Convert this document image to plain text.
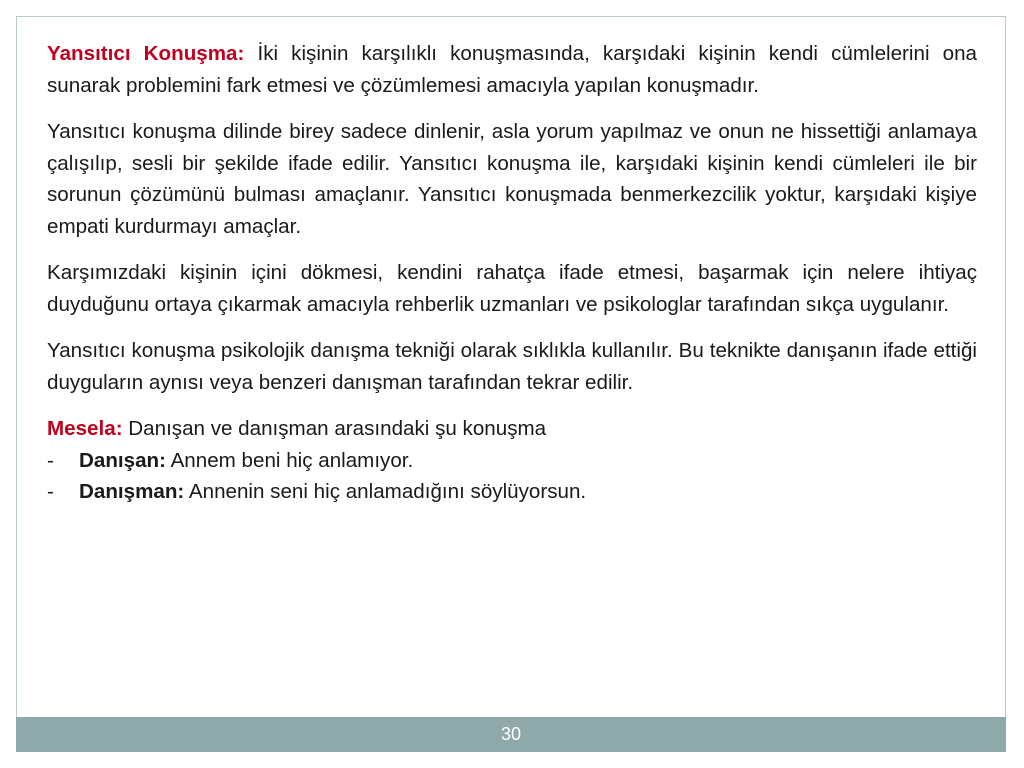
Yansıtıcı Konuşma: İki kişinin karşılıklı konuşmasında, karşıdaki kişinin kendi cümlelerini ona sunarak problemini fark etmesi ve çözümlemesi amacıyla yapılan konuşmadır.

Yansıtıcı konuşma dilinde birey sadece dinlenir, asla yorum yapılmaz ve onun ne hissettiği anlamaya çalışılıp, sesli bir şekilde ifade edilir. Yansıtıcı konuşma ile, karşıdaki kişinin kendi cümleleri ile bir sorunun çözümünü bulması amaçlanır. Yansıtıcı konuşmada benmerkezcilik yoktur, karşıdaki kişiye empati kurdurmayı amaçlar.

Karşımızdaki kişinin içini dökmesi, kendini rahatça ifade etmesi, başarmak için nelere ihtiyaç duyduğunu ortaya çıkarmak amacıyla rehberlik uzmanları ve psikologlar tarafından sıkça uygulanır.

Yansıtıcı konuşma psikolojik danışma tekniği olarak sıklıkla kullanılır. Bu teknikte danışanın ifade ettiği duyguların aynısı veya benzeri danışman tarafından tekrar edilir.

Mesela: Danışan ve danışman arasındaki şu konuşma

-	Danışan: Annem beni hiç anlamıyor.

-	Danışman: Annenin seni hiç anlamadığını söylüyorsun.

30
